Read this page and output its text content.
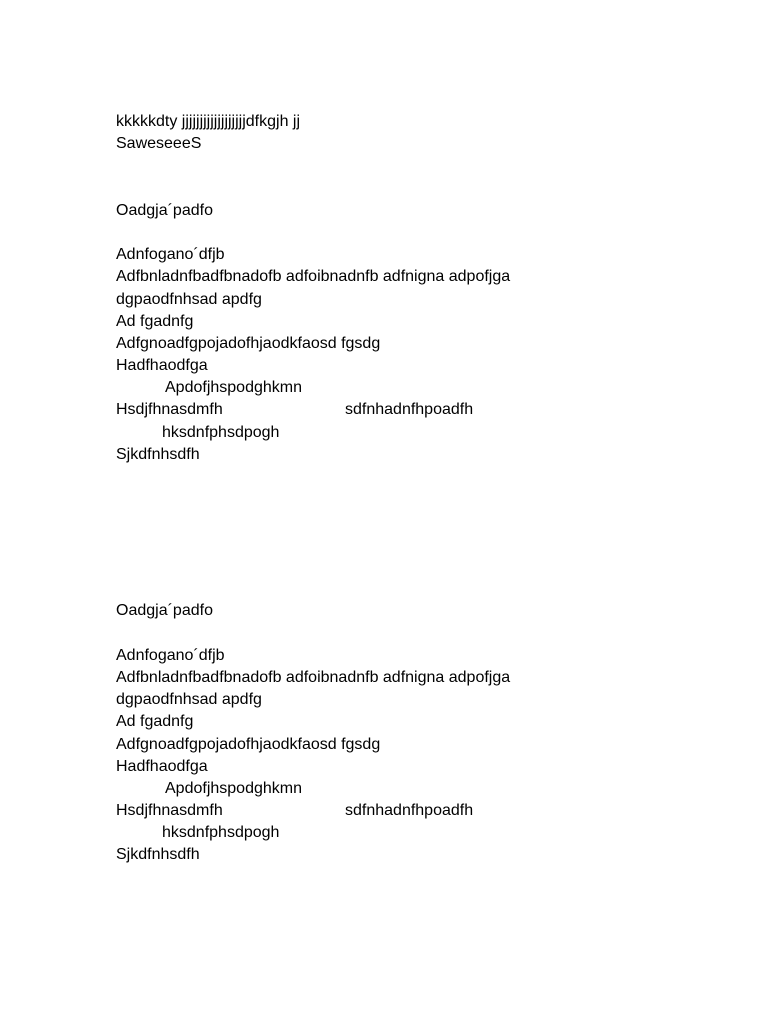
kkkkkdty jjjjjjjjjjjjjjjjjjdfkgjh jj
SaweseeeS
Oadgja´padfo
Adnfogano´dfjb
Adfbnladnfbadfbnadofb adfoibnadnfb adfnigna adpofjga
dgpaodfnhsad apdfg
Ad fgadnfg
Adfgnoadfgpojadofhjaodkfaosd fgsdg
Hadfhaodfga
Apdofjhspodghkmn
Hsdjfhnasdmfh	sdfnhadnfhpoadfh
hksdnfphsdpogh
Sjkdfnhsdfh
Oadgja´padfo
Adnfogano´dfjb
Adfbnladnfbadfbnadofb adfoibnadnfb adfnigna adpofjga
dgpaodfnhsad apdfg
Ad fgadnfg
Adfgnoadfgpojadofhjaodkfaosd fgsdg
Hadfhaodfga
Apdofjhspodghkmn
Hsdjfhnasdmfh	sdfnhadnfhpoadfh
hksdnfphsdpogh
Sjkdfnhsdfh
